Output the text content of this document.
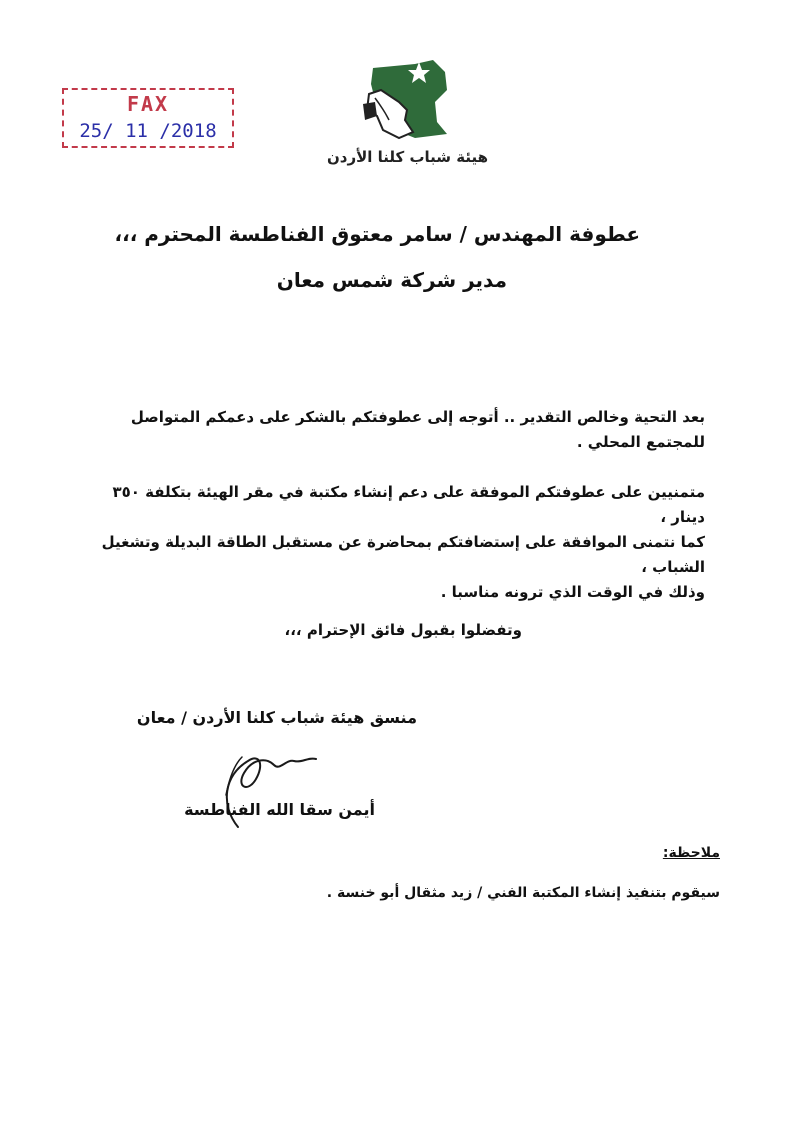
FAX
25/ 11 /2018
هيئة شباب كلنا الأردن
عطوفة المهندس / سامر معتوق الفناطسة المحترم ،،،
مدير شركة شمس معان
بعد التحية وخالص التقدير .. أتوجه إلى عطوفتكم بالشكر على دعمكم المتواصل للمجتمع المحلي .
متمنيين على عطوفتكم الموفقة على دعم إنشاء مكتبة في مقر الهيئة بتكلفة ٣٥٠ دينار ،
كما نتمنى الموافقة على إستضافتكم بمحاضرة عن مستقبل الطاقة البديلة وتشغيل الشباب ،
وذلك في الوقت الذي ترونه مناسبا .
وتفضلوا بقبول فائق الإحترام ،،،
منسق هيئة شباب كلنا الأردن / معان
أيمن سقا الله الفناطسة
ملاحظة:
سيقوم بتنفيذ إنشاء المكتبة الفني / زيد مثقال أبو خنسة .
